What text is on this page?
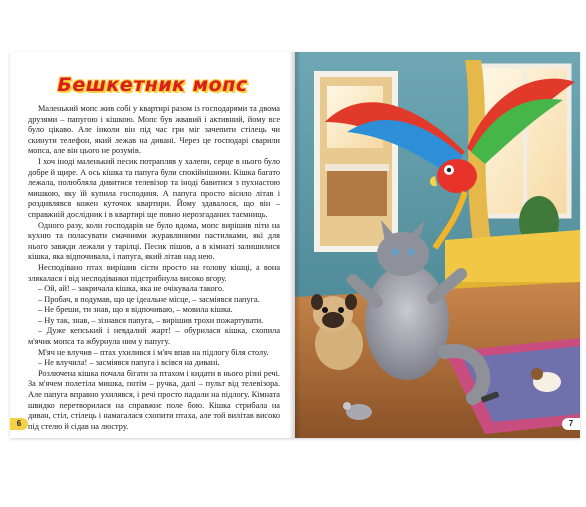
Бешкетник мопс

Маленький мопс жив собі у квартирі разом із господарями та двома друзями – папугою і кішкою. Мопс був жвавий і активний, йому все було цікаво. Але інколи він під час гри міг зачепити стілець чи скинути телефон, який лежав на дивані. Через це господарі сварили мопса, але він цього не розумів.

І хоч іноді маленький песик потрапляв у халепи, серце в нього було добре й щире. А ось кішка та папуга були спокійнішими. Кішка багато лежала, полюбляла дивитися телевізор та іноді бавитися з пухнастою мишкою, яку їй купила господиня. А папуга просто вісило літав і роздивлявся кожен куточок квартири. Йому здавалося, що він – справжній дослідник і в квартирі ще повно нерозгаданих таємниць.

Одного разу, коли господарів не було вдома, мопс вирішив піти на кухню та поласувати смачними журавлиними пастилками, які для нього завжди лежали у тарілці. Песик пішов, а в кімнаті залишилися кішка, яка відпочивала, і папуга, який літав над нею.

Несподівано птах вирішив сісти просто на голову кішці, а вона злякалася і від несподіванки підстрибнула високо вгору.

– Ой, ай! – закричала кішка, яка не очікувала такого.

– Пробач, я подумав, що це ідеальне місце, – засміявся папуга.

– Не бреши, ти знав, що я відпочиваю, – мовила кішка.

– Ну так, знав, – зізнався папуга, – вирішив трохи пожартувати.

– Дуже кепський і невдалий жарт! – обурилася кішка, схопила м'ячик мопса та жбурнула ним у папугу.

М'яч не влучив – птах ухилився і м'яч впав на підлогу біля столу.

– Не влучила! – засміявся папуга і всівся на дивані.

Розлючена кішка почала бігати за птахом і кидати в нього різні речі. За м'ячем полетіла мишка, потім – ручка, далі – пульт від телевізора. Але папуга вправно ухилявся, і речі просто падали на підлогу. Кімната швидко перетворилася на справжнє поле бою. Кішка стрибала на диван, стіл, стілець і намагалася схопити птаха, але той вилітав високо під стелю й сідав на люстру.

6	7
